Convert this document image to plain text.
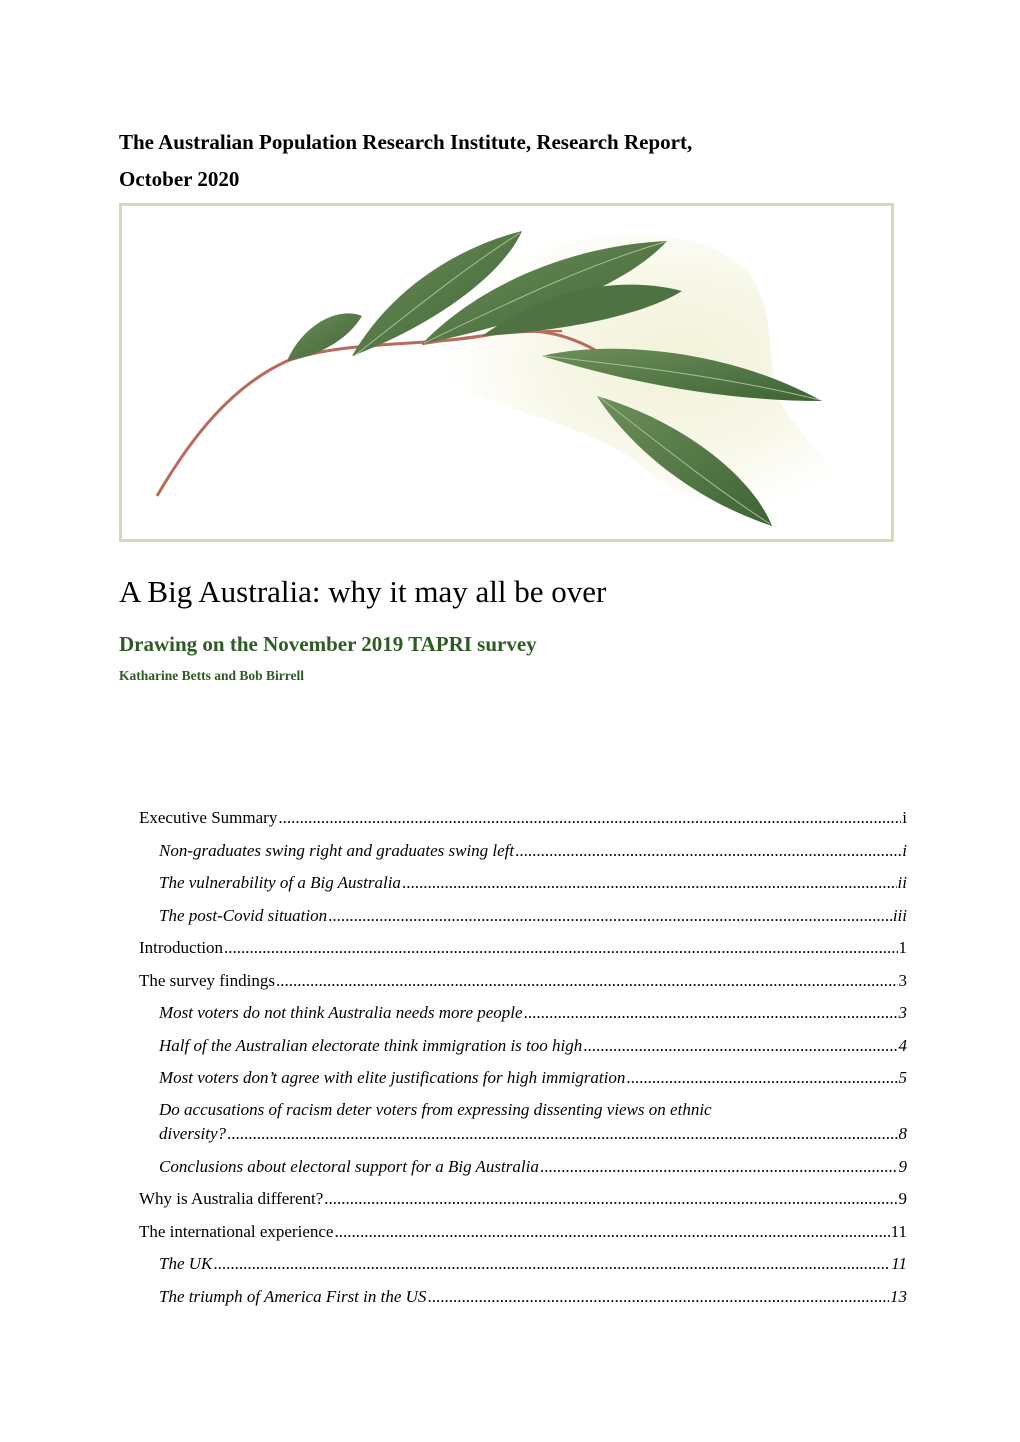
The Australian Population Research Institute, Research Report,
October 2020
A Big Australia: why it may all be over
Drawing on the November 2019 TAPRI survey
Katharine Betts and Bob Birrell
Executive Summary .....	i
Non-graduates swing right and graduates swing left .....	i
The vulnerability of a Big Australia .....	ii
The post-Covid situation .....	iii
Introduction .....	1
The survey findings .....	3
Most voters do not think Australia needs more people .....	3
Half of the Australian electorate think immigration is too high .....	4
Most voters don’t agree with elite justifications for high immigration .....	5
Do accusations of racism deter voters from expressing dissenting views on ethnic
diversity? .....	8
Conclusions about electoral support for a Big Australia .....	9
Why is Australia different? .....	9
The international experience .....	11
The UK .....	11
The triumph of America First in the US .....	13
